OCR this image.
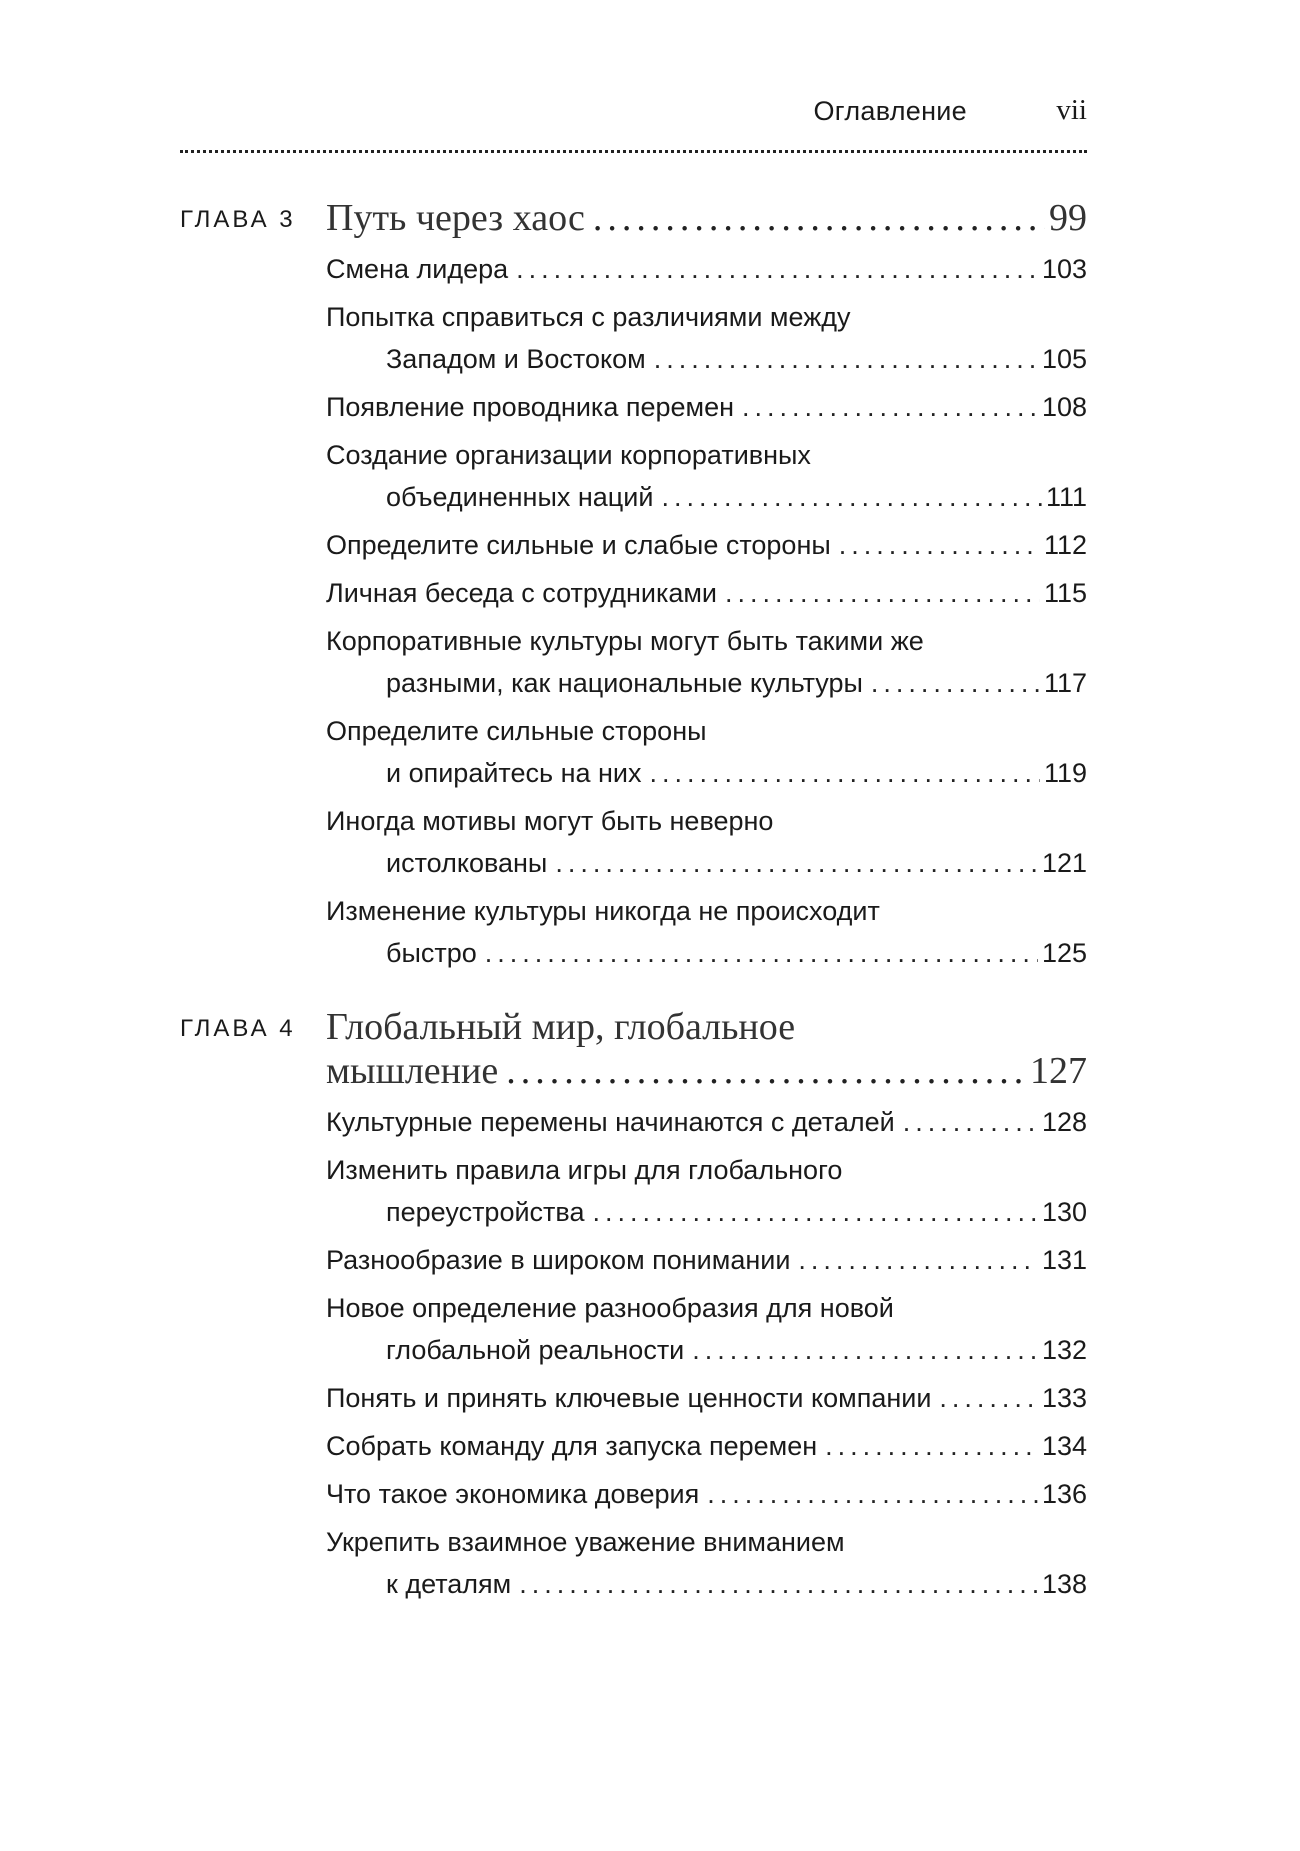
Оглавление	vii
ГЛАВА 3 Путь через хаос .....	99
Смена лидера .....	103
Попытка справиться с различиями между
Западом и Востоком .....	105
Появление проводника перемен .....	108
Создание организации корпоративных
объединенных наций .....	111
Определите сильные и слабые стороны .....	112
Личная беседа с сотрудниками .....	115
Корпоративные культуры могут быть такими же
разными, как национальные культуры .....	117
Определите сильные стороны
и опирайтесь на них .....	119
Иногда мотивы могут быть неверно
истолкованы .....	121
Изменение культуры никогда не происходит
быстро .....	125
ГЛАВА 4 Глобальный мир, глобальное
мышление .....	127
Культурные перемены начинаются с деталей .....	128
Изменить правила игры для глобального
переустройства .....	130
Разнообразие в широком понимании .....	131
Новое определение разнообразия для новой
глобальной реальности .....	132
Понять и принять ключевые ценности компании .....	133
Собрать команду для запуска перемен .....	134
Что такое экономика доверия .....	136
Укрепить взаимное уважение вниманием
к деталям .....	138
